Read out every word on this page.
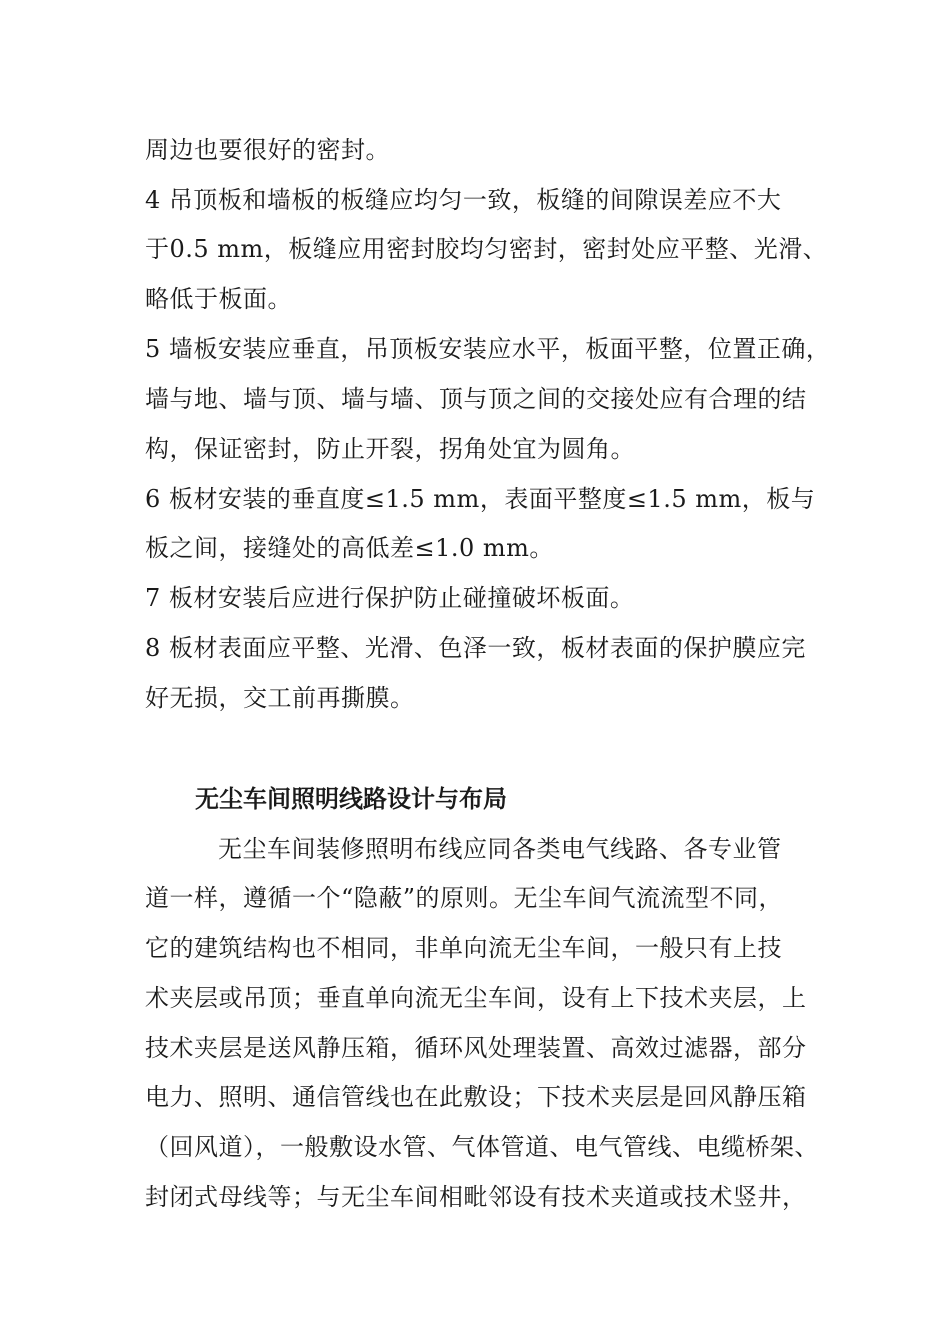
周边也要很好的密封。
4 吊顶板和墙板的板缝应均匀一致，板缝的间隙误差应不大
于0.5 mm，板缝应用密封胶均匀密封，密封处应平整、光滑、
略低于板面。
5 墙板安装应垂直，吊顶板安装应水平，板面平整，位置正确，
墙与地、墙与顶、墙与墙、顶与顶之间的交接处应有合理的结
构，保证密封，防止开裂，拐角处宜为圆角。
6 板材安装的垂直度≤1.5 mm，表面平整度≤1.5 mm，板与
板之间，接缝处的高低差≤1.0 mm。
7 板材安装后应进行保护防止碰撞破坏板面。
8 板材表面应平整、光滑、色泽一致，板材表面的保护膜应完
好无损，交工前再撕膜。
无尘车间照明线路设计与布局
无尘车间装修照明布线应同各类电气线路、各专业管
道一样，遵循一个“隐蔽”的原则。无尘车间气流流型不同，
它的建筑结构也不相同，非单向流无尘车间，一般只有上技
术夹层或吊顶；垂直单向流无尘车间，设有上下技术夹层，上
技术夹层是送风静压箱，循环风处理装置、高效过滤器，部分
电力、照明、通信管线也在此敷设；下技术夹层是回风静压箱
（回风道），一般敷设水管、气体管道、电气管线、电缆桥架、
封闭式母线等；与无尘车间相毗邻设有技术夹道或技术竖井，
